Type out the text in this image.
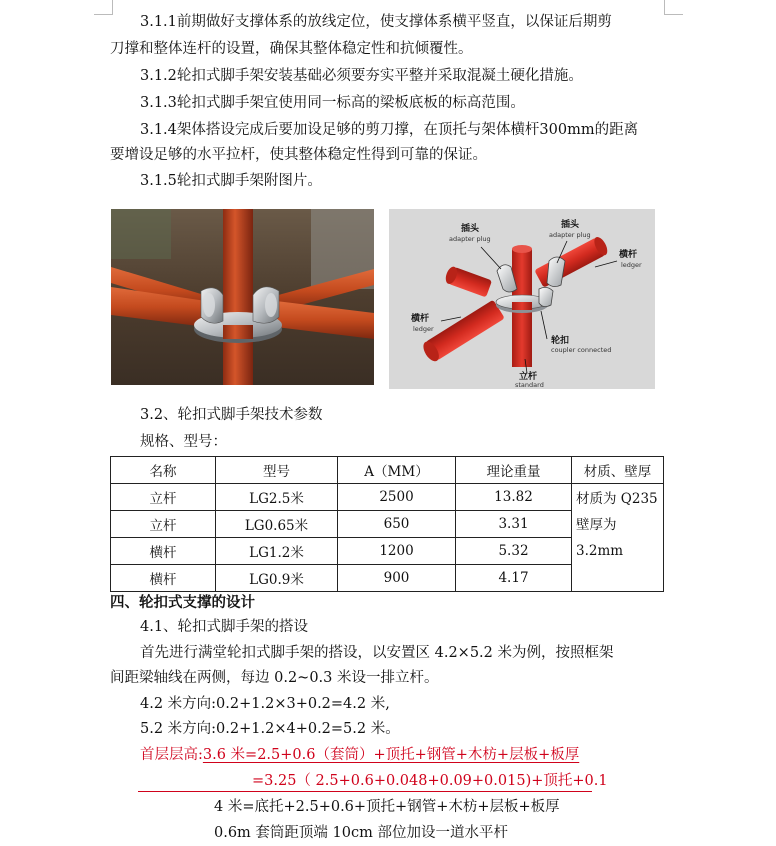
3.1.1前期做好支撑体系的放线定位，使支撑体系横平竖直，以保证后期剪
刀撑和整体连杆的设置，确保其整体稳定性和抗倾覆性。
3.1.2轮扣式脚手架安装基础必须要夯实平整并采取混凝土硬化措施。
3.1.3轮扣式脚手架宜使用同一标高的梁板底板的标高范围。
3.1.4架体搭设完成后要加设足够的剪刀撑，在顶托与架体横杆300mm的距离
要增设足够的水平拉杆，使其整体稳定性得到可靠的保证。
3.1.5轮扣式脚手架附图片。
插头
adapter plug
插头
adapter plug
横杆
ledger
横杆
ledger
轮扣
coupler connected
立杆
standard
3.2、轮扣式脚手架技术参数
规格、型号：
名称	型号	A（MM）	理论重量	材质、壁厚
立杆	LG2.5米	2500	13.82	材质为 Q235
壁厚为
3.2mm

立杆	LG0.65米	650	3.31	
横杆	LG1.2米	1200	5.32	
横杆	LG0.9米	900	4.17	
四、轮扣式支撑的设计
4.1、轮扣式脚手架的搭设
首先进行满堂轮扣式脚手架的搭设，以安置区 4.2×5.2 米为例，按照框架
间距梁轴线在两侧，每边 0.2~0.3 米设一排立杆。
4.2 米方向:0.2+1.2×3+0.2=4.2 米,
5.2 米方向:0.2+1.2×4+0.2=5.2 米。
首层层高:3.6 米=2.5+0.6（套筒）+顶托+钢管+木枋+层板+板厚
=3.25（ 2.5+0.6+0.048+0.09+0.015)+顶托+0.1
4 米=底托+2.5+0.6+顶托+钢管+木枋+层板+板厚
0.6m 套筒距顶端 10cm 部位加设一道水平杆
